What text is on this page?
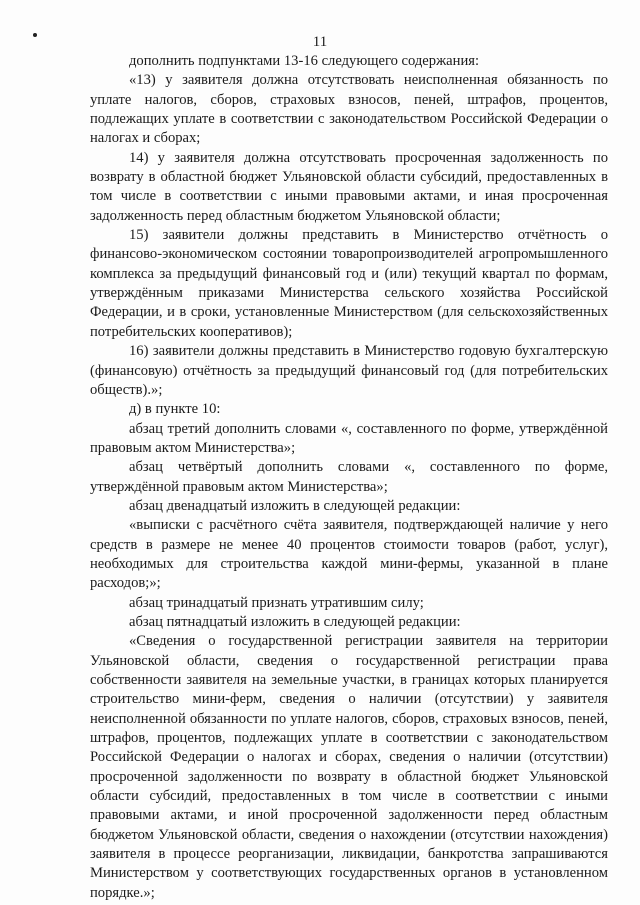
11

дополнить подпунктами 13-16 следующего содержания:

«13) у заявителя должна отсутствовать неисполненная обязанность по уплате налогов, сборов, страховых взносов, пеней, штрафов, процентов, подлежащих уплате в соответствии с законодательством Российской Федерации о налогах и сборах;

14) у заявителя должна отсутствовать просроченная задолженность по возврату в областной бюджет Ульяновской области субсидий, предоставленных в том числе в соответствии с иными правовыми актами, и иная просроченная задолженность перед областным бюджетом Ульяновской области;

15) заявители должны представить в Министерство отчётность о финансово-экономическом состоянии товаропроизводителей агропромышленного комплекса за предыдущий финансовый год и (или) текущий квартал по формам, утверждённым приказами Министерства сельского хозяйства Российской Федерации, и в сроки, установленные Министерством (для сельскохозяйственных потребительских кооперативов);

16) заявители должны представить в Министерство годовую бухгалтерскую (финансовую) отчётность за предыдущий финансовый год (для потребительских обществ).»;

д) в пункте 10:

абзац третий дополнить словами «, составленного по форме, утверждённой правовым актом Министерства»;

абзац четвёртый дополнить словами «, составленного по форме, утверждённой правовым актом Министерства»;

абзац двенадцатый изложить в следующей редакции:

«выписки с расчётного счёта заявителя, подтверждающей наличие у него средств в размере не менее 40 процентов стоимости товаров (работ, услуг), необходимых для строительства каждой мини-фермы, указанной в плане расходов;»;

абзац тринадцатый признать утратившим силу;

абзац пятнадцатый изложить в следующей редакции:

«Сведения о государственной регистрации заявителя на территории Ульяновской области, сведения о государственной регистрации права собственности заявителя на земельные участки, в границах которых планируется строительство мини-ферм, сведения о наличии (отсутствии) у заявителя неисполненной обязанности по уплате налогов, сборов, страховых взносов, пеней, штрафов, процентов, подлежащих уплате в соответствии с законодательством Российской Федерации о налогах и сборах, сведения о наличии (отсутствии) просроченной задолженности по возврату в областной бюджет Ульяновской области субсидий, предоставленных в том числе в соответствии с иными правовыми актами, и иной просроченной задолженности перед областным бюджетом Ульяновской области, сведения о нахождении (отсутствии нахождения) заявителя в процессе реорганизации, ликвидации, банкротства запрашиваются Министерством у соответствующих государственных органов в установленном порядке.»;
